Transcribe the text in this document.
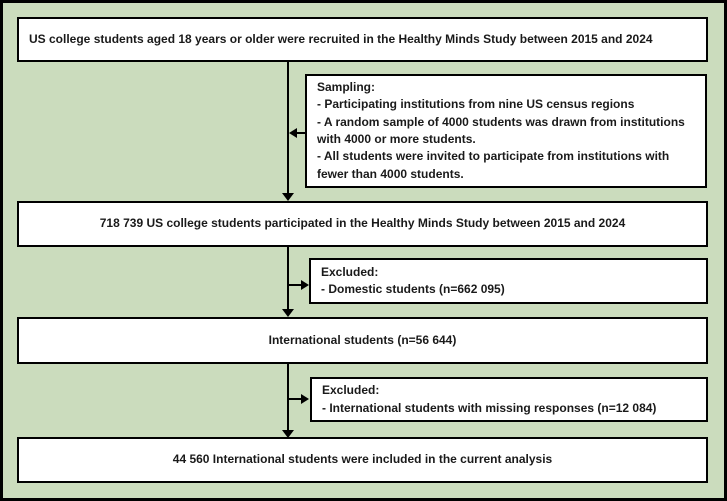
US college students aged 18 years or older were recruited in the Healthy Minds Study between 2015 and 2024
Sampling:
- Participating institutions from nine US census regions
- A random sample of 4000 students was drawn from institutions with 4000 or more students.
- All students were invited to participate from institutions with fewer than 4000 students.
718 739 US college students participated in the Healthy Minds Study between 2015 and 2024
Excluded:
- Domestic students (n=662 095)
International students (n=56 644)
Excluded:
- International students with missing responses (n=12 084)
44 560 International students were included in the current analysis
